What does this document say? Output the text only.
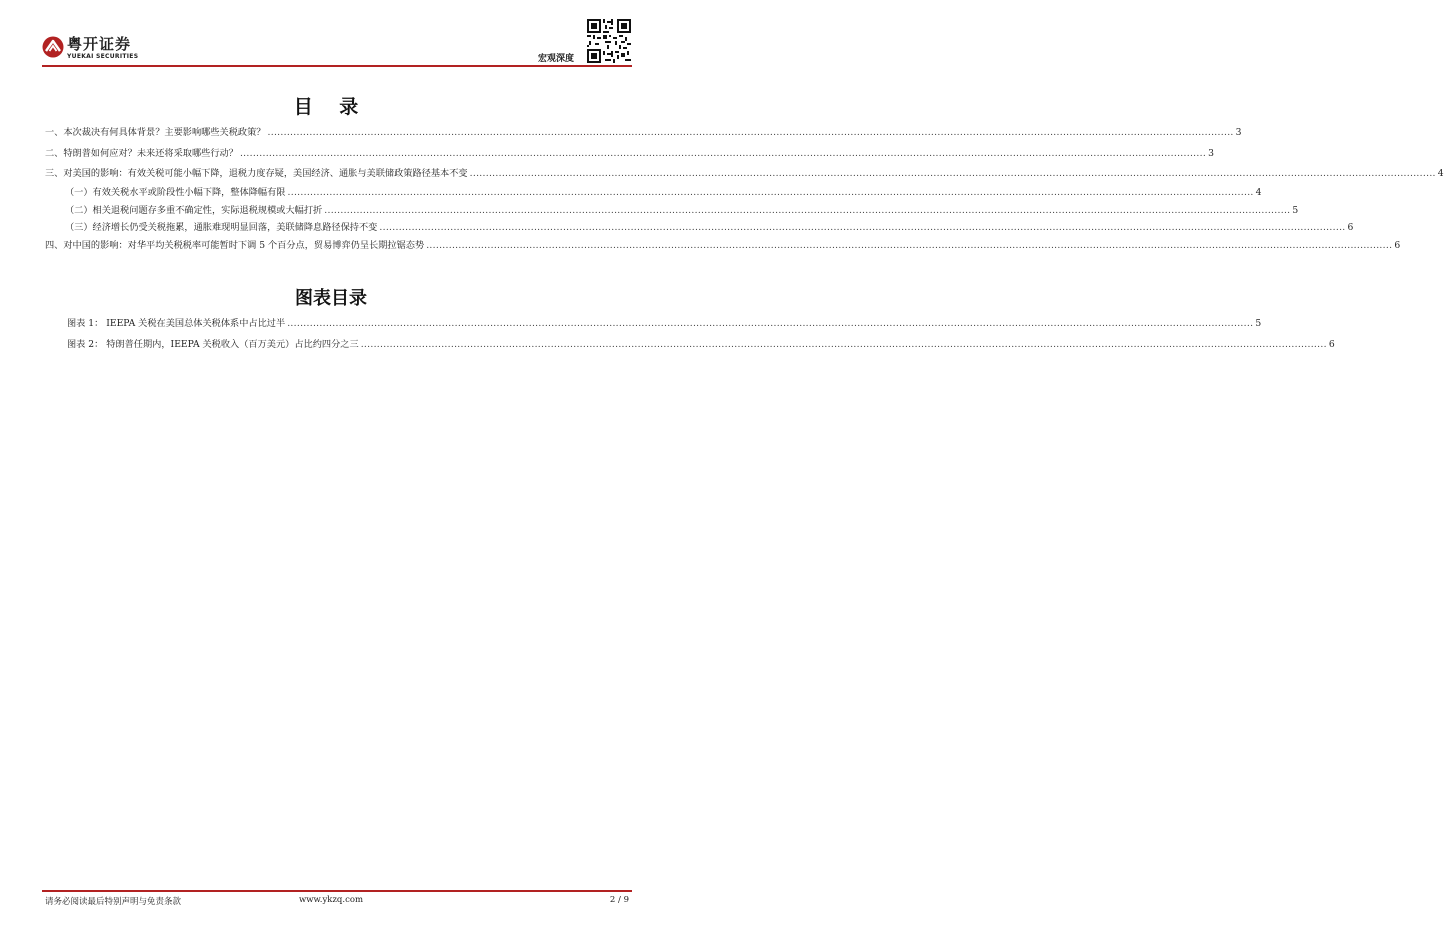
粤开证券
YUEKAI SECURITIES	宏观深度
目 录
一、本次裁决有何具体背景？主要影响哪些关税政策？ ............................................................................................................................................................................................................................................................................................................ 3
二、特朗普如何应对？未来还将采取哪些行动？ ............................................................................................................................................................................................................................................................................................................ 3
三、对美国的影响：有效关税可能小幅下降，退税力度存疑，美国经济、通胀与美联储政策路径基本不变 ............................................................................................................................................................................................................................................................................................................ 4
（一）有效关税水平或阶段性小幅下降，整体降幅有限 ............................................................................................................................................................................................................................................................................................................ 4
（二）相关退税问题存多重不确定性，实际退税规模或大幅打折 ............................................................................................................................................................................................................................................................................................................ 5
（三）经济增长仍受关税拖累，通胀难现明显回落，美联储降息路径保持不变 ............................................................................................................................................................................................................................................................................................................ 6
四、对中国的影响：对华平均关税税率可能暂时下调 5 个百分点，贸易博弈仍呈长期拉锯态势 ............................................................................................................................................................................................................................................................................................................ 6
图表目录
图表 1： IEEPA 关税在美国总体关税体系中占比过半 ............................................................................................................................................................................................................................................................................................................ 5
图表 2： 特朗普任期内，IEEPA 关税收入（百万美元）占比约四分之三 ............................................................................................................................................................................................................................................................................................................ 6
请务必阅读最后特别声明与免责条款	www.ykzq.com	2 / 9
